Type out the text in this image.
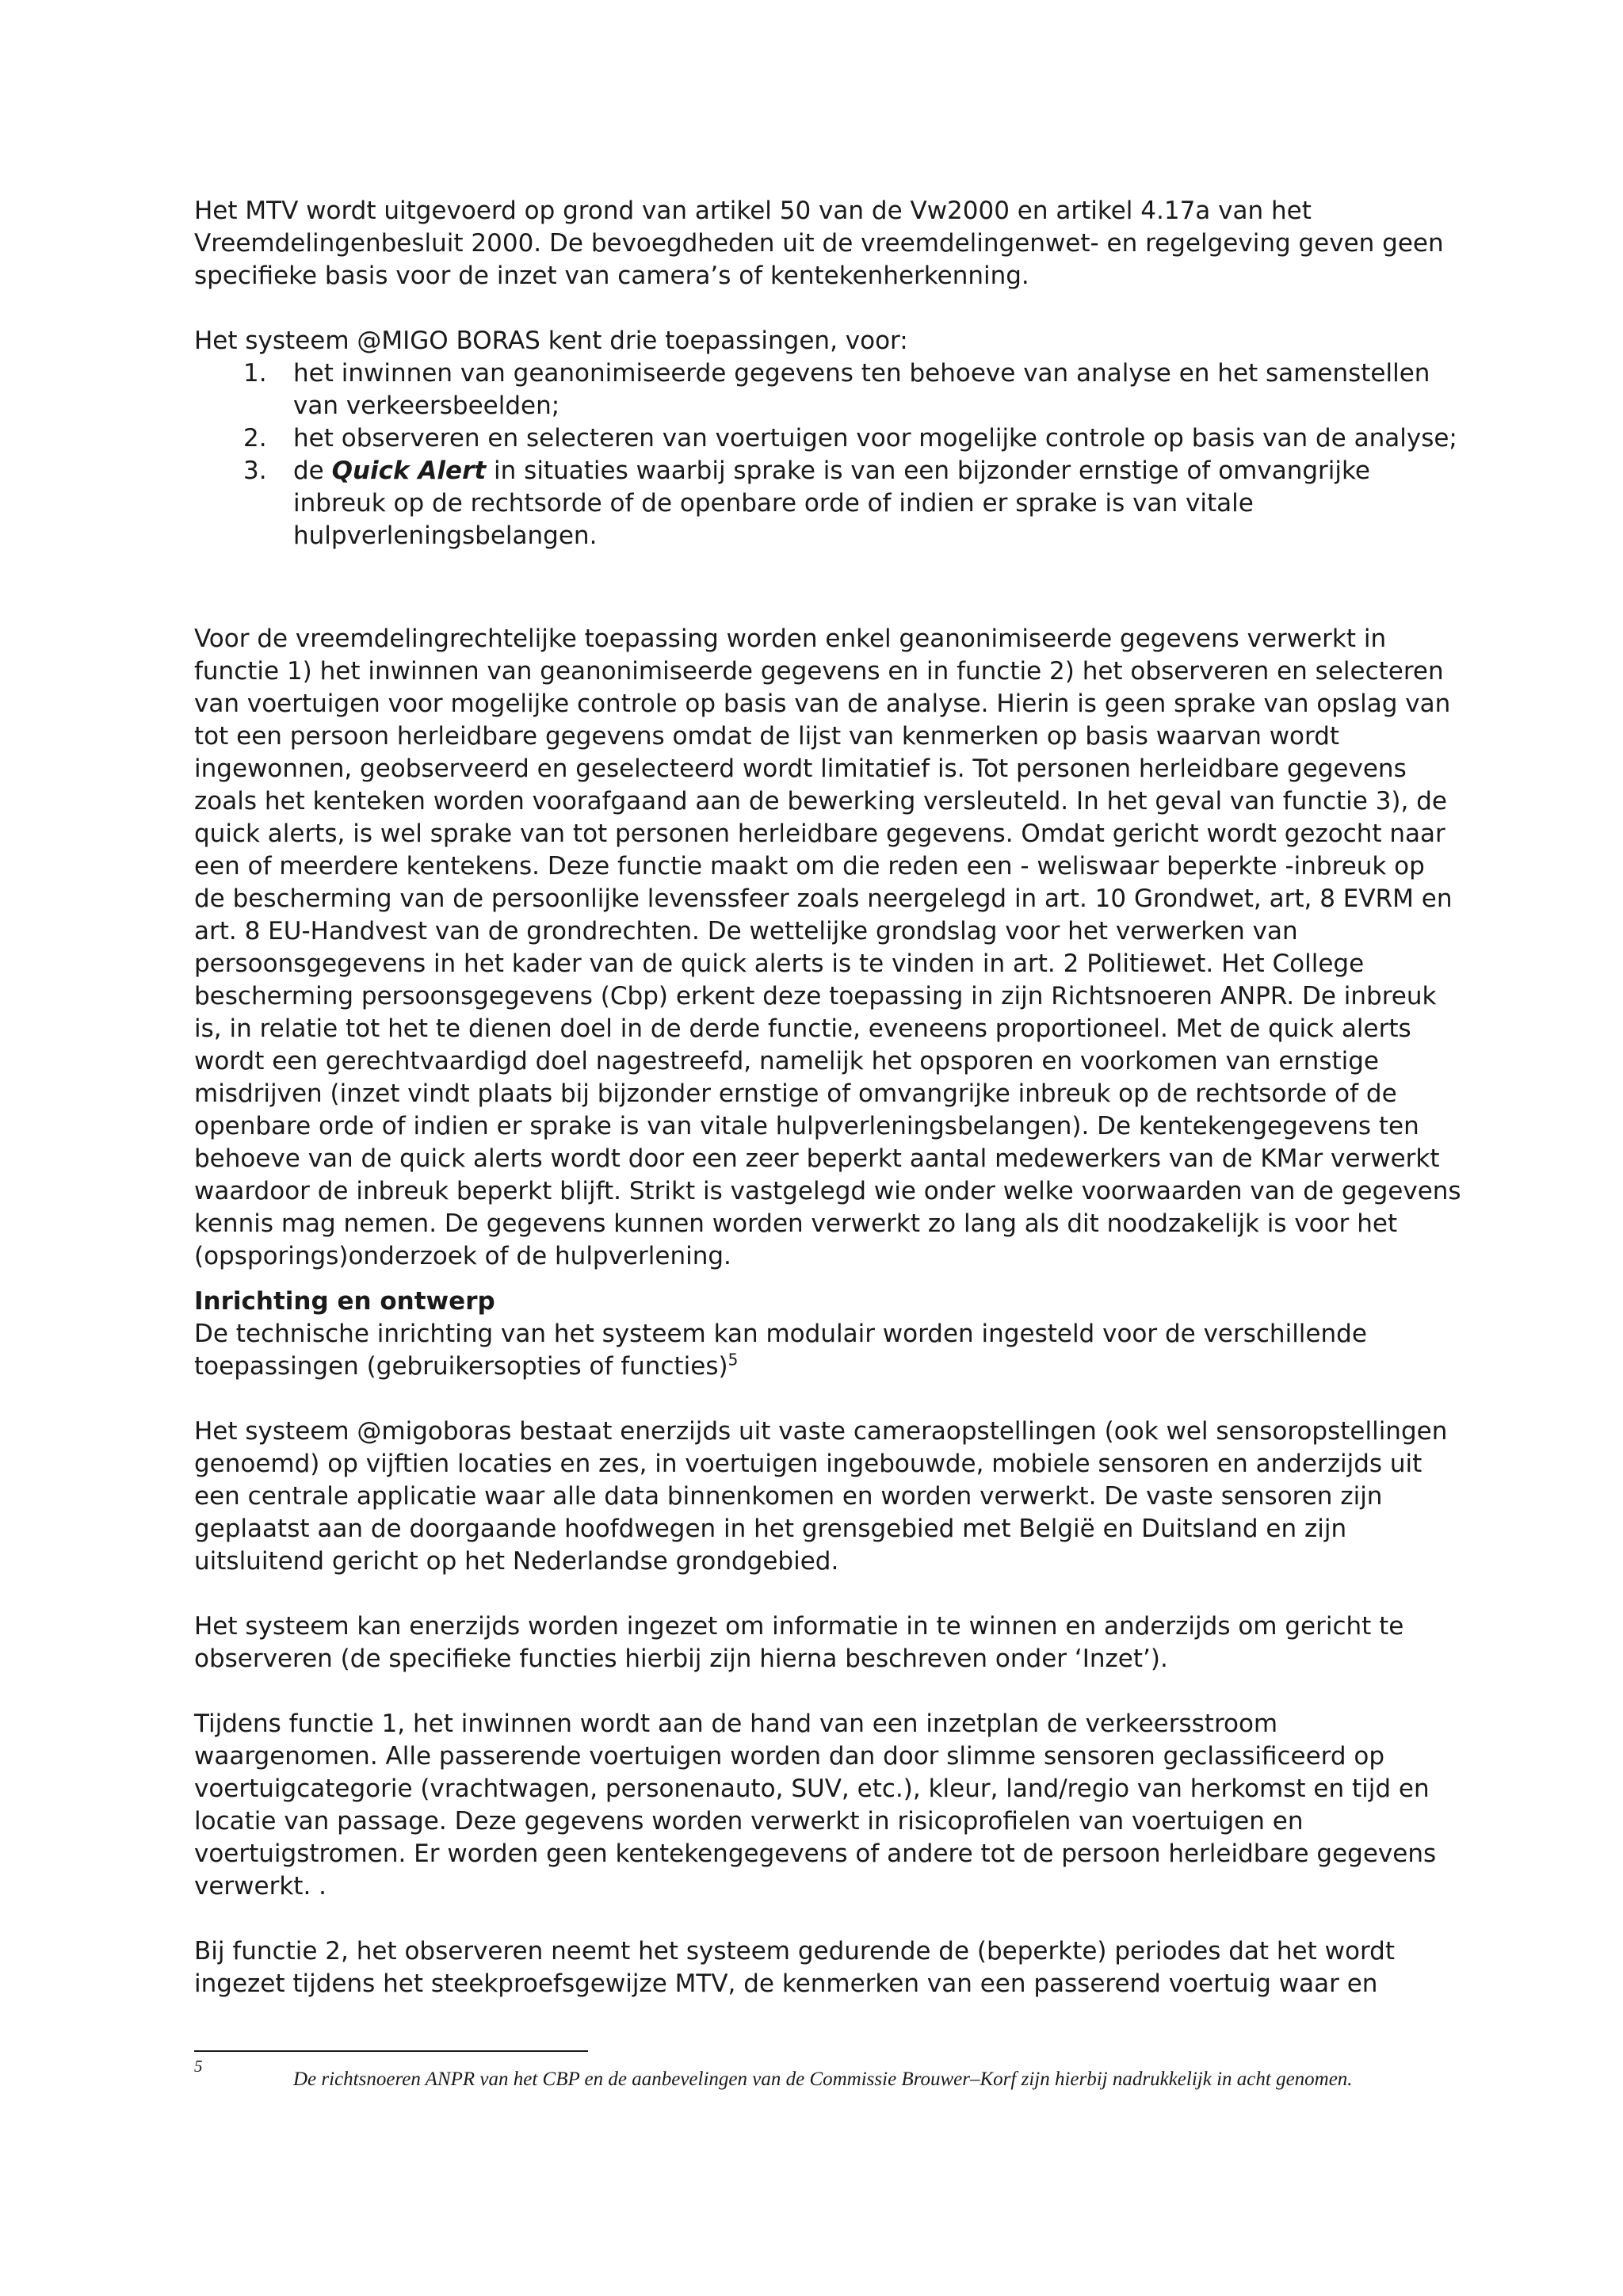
Het MTV wordt uitgevoerd op grond van artikel 50 van de Vw2000 en artikel 4.17a van het Vreemdelingenbesluit 2000. De bevoegdheden uit de vreemdelingenwet- en regelgeving geven geen specifieke basis voor de inzet van camera’s of kentekenherkenning.

Het systeem @MIGO BORAS kent drie toepassingen, voor:

1. het inwinnen van geanonimiseerde gegevens ten behoeve van analyse en het samenstellen van verkeersbeelden;
2. het observeren en selecteren van voertuigen voor mogelijke controle op basis van de analyse;
3. de Quick Alert in situaties waarbij sprake is van een bijzonder ernstige of omvangrijke inbreuk op de rechtsorde of de openbare orde of indien er sprake is van vitale hulpverleningsbelangen.

Voor de vreemdelingrechtelijke toepassing worden enkel geanonimiseerde gegevens verwerkt in functie 1) het inwinnen van geanonimiseerde gegevens en in functie 2) het observeren en selecteren van voertuigen voor mogelijke controle op basis van de analyse. Hierin is geen sprake van opslag van tot een persoon herleidbare gegevens omdat de lijst van kenmerken op basis waarvan wordt ingewonnen, geobserveerd en geselecteerd wordt limitatief is. Tot personen herleidbare gegevens zoals het kenteken worden voorafgaand aan de bewerking versleuteld. In het geval van functie 3), de quick alerts, is wel sprake van tot personen herleidbare gegevens. Omdat gericht wordt gezocht naar een of meerdere kentekens. Deze functie maakt om die reden een - weliswaar beperkte -inbreuk op de bescherming van de persoonlijke levenssfeer zoals neergelegd in art. 10 Grondwet, art, 8 EVRM en art. 8 EU-Handvest van de grondrechten. De wettelijke grondslag voor het verwerken van persoonsgegevens in het kader van de quick alerts is te vinden in art. 2 Politiewet. Het College bescherming persoonsgegevens (Cbp) erkent deze toepassing in zijn Richtsnoeren ANPR. De inbreuk is, in relatie tot het te dienen doel in de derde functie, eveneens proportioneel. Met de quick alerts wordt een gerechtvaardigd doel nagestreefd, namelijk het opsporen en voorkomen van ernstige misdrijven (inzet vindt plaats bij bijzonder ernstige of omvangrijke inbreuk op de rechtsorde of de openbare orde of indien er sprake is van vitale hulpverleningsbelangen). De kentekengegevens ten behoeve van de quick alerts wordt door een zeer beperkt aantal medewerkers van de KMar verwerkt waardoor de inbreuk beperkt blijft. Strikt is vastgelegd wie onder welke voorwaarden van de gegevens kennis mag nemen. De gegevens kunnen worden verwerkt zo lang als dit noodzakelijk is voor het (opsporings)onderzoek of de hulpverlening.

Inrichting en ontwerp

De technische inrichting van het systeem kan modulair worden ingesteld voor de verschillende toepassingen (gebruikersopties of functies)$^5$

Het systeem @migoboras bestaat enerzijds uit vaste cameraopstellingen (ook wel sensoropstellingen genoemd) op vijftien locaties en zes, in voertuigen ingebouwde, mobiele sensoren en anderzijds uit een centrale applicatie waar alle data binnenkomen en worden verwerkt. De vaste sensoren zijn geplaatst aan de doorgaande hoofdwegen in het grensgebied met België en Duitsland en zijn uitsluitend gericht op het Nederlandse grondgebied.

Het systeem kan enerzijds worden ingezet om informatie in te winnen en anderzijds om gericht te observeren (de specifieke functies hierbij zijn hierna beschreven onder ‘Inzet’).

Tijdens functie 1, het inwinnen wordt aan de hand van een inzetplan de verkeersstroom waargenomen. Alle passerende voertuigen worden dan door slimme sensoren geclassificeerd op voertuigcategorie (vrachtwagen, personenauto, SUV, etc.), kleur, land/regio van herkomst en tijd en locatie van passage. Deze gegevens worden verwerkt in risicoprofielen van voertuigen en voertuigstromen. Er worden geen kentekengegevens of andere tot de persoon herleidbare gegevens verwerkt. .

Bij functie 2, het observeren neemt het systeem gedurende de (beperkte) periodes dat het wordt ingezet tijdens het steekproefsgewijze MTV, de kenmerken van een passerend voertuig waar en

5
De richtsnoeren ANPR van het CBP en de aanbevelingen van de Commissie Brouwer–Korf zijn hierbij nadrukkelijk in acht genomen.
